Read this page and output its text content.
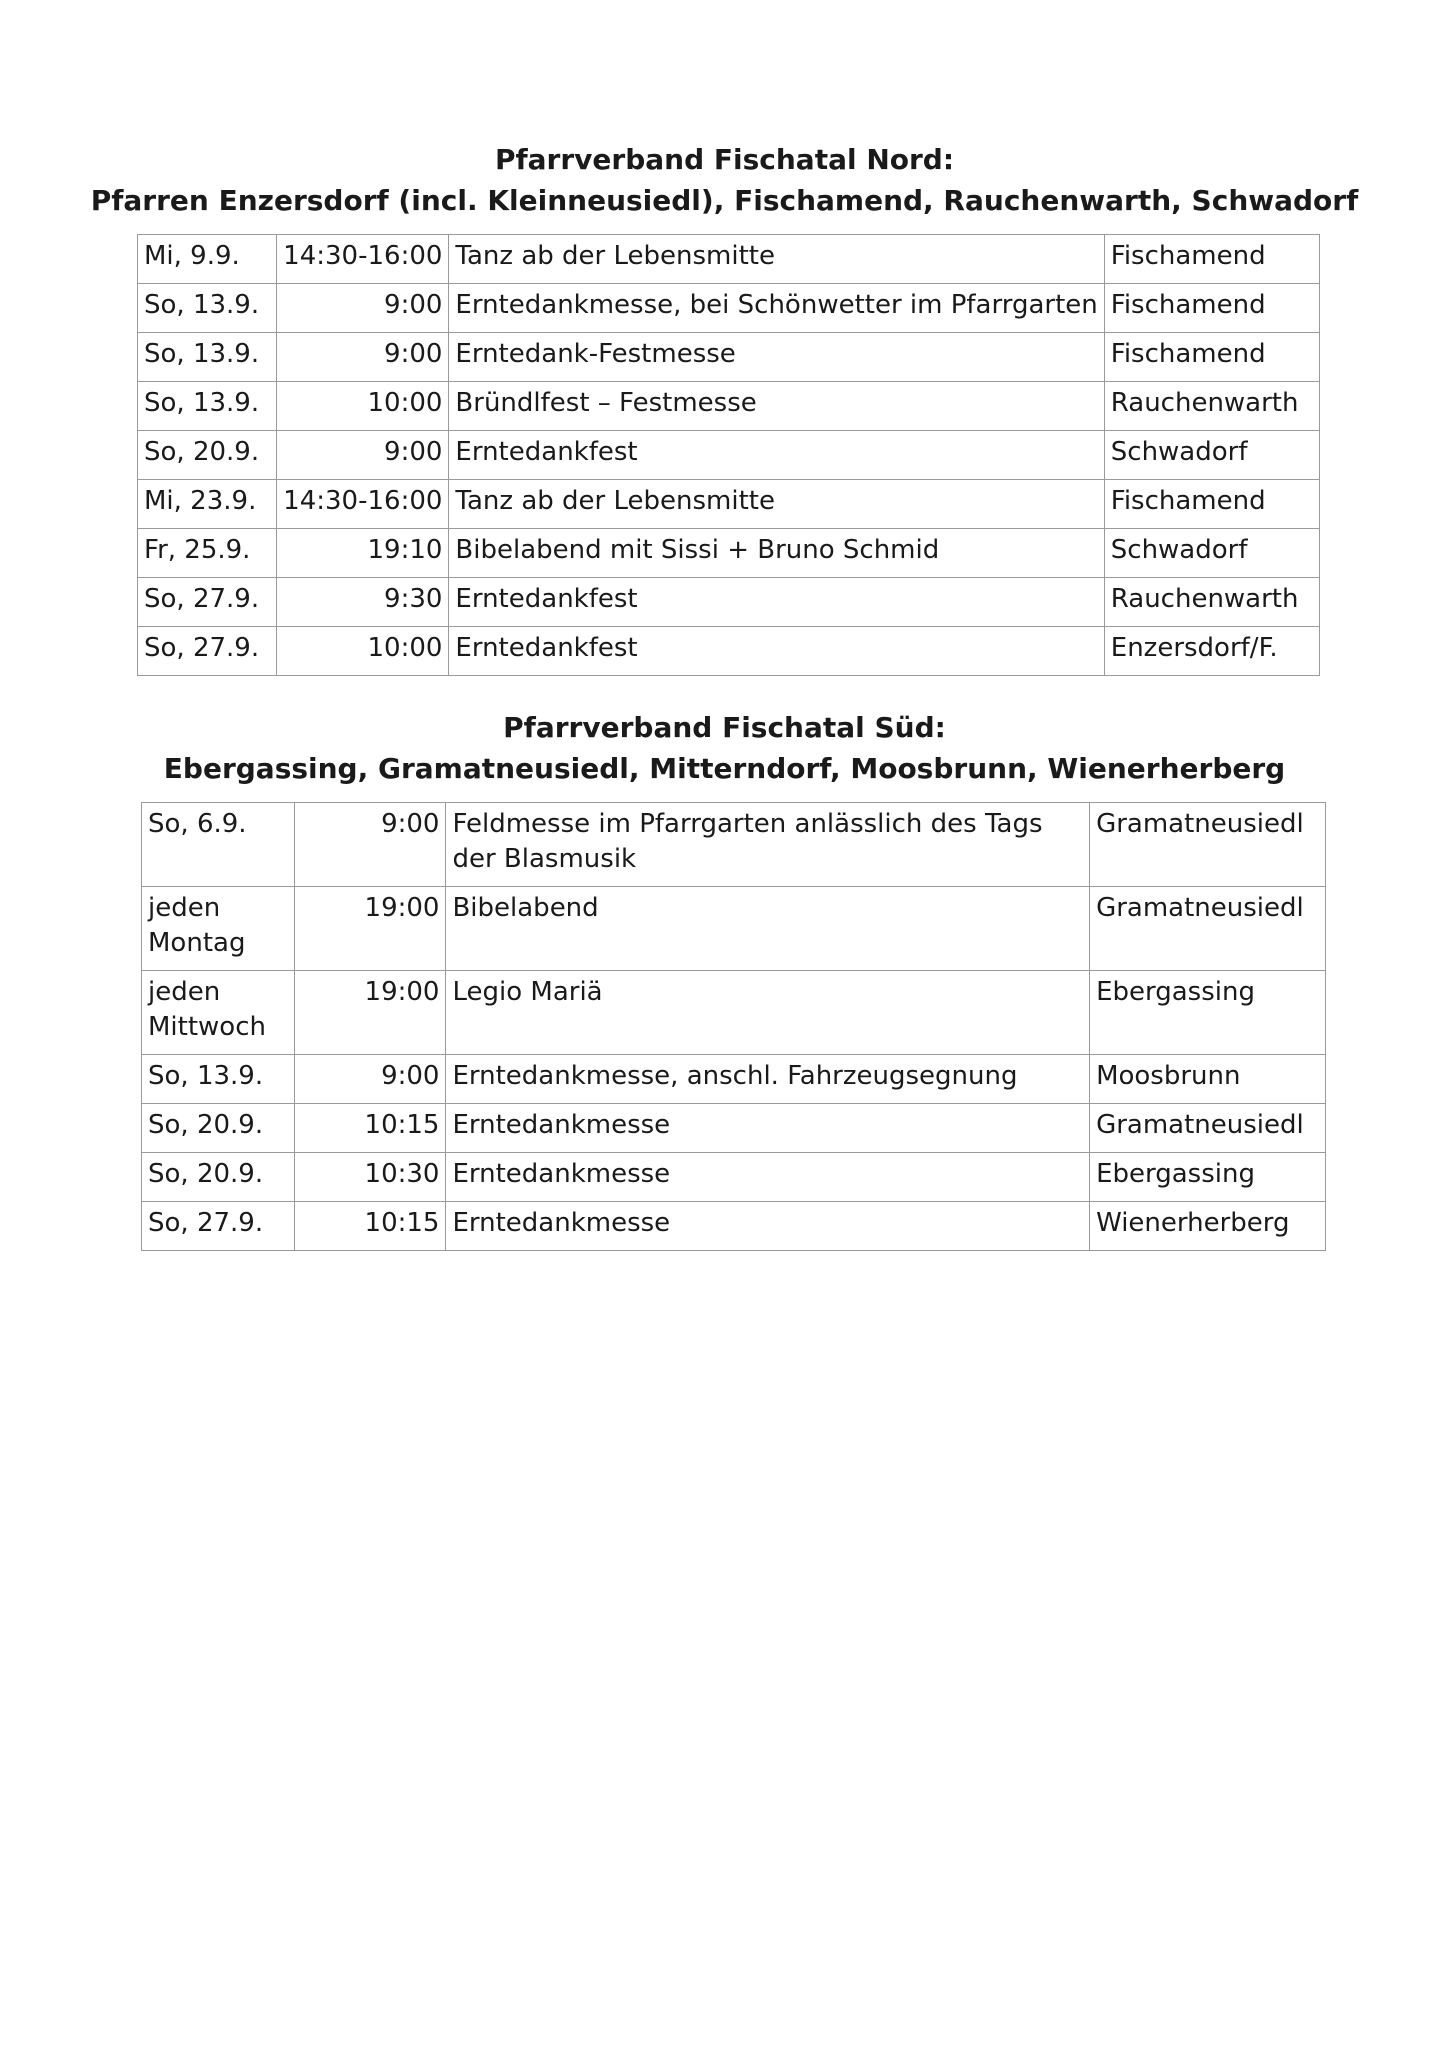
Pfarrverband Fischatal Nord:
Pfarren Enzersdorf (incl. Kleinneusiedl), Fischamend, Rauchenwarth, Schwadorf
Mi, 9.9.	14:30-16:00	Tanz ab der Lebensmitte	Fischamend
So, 13.9.	9:00	Erntedankmesse, bei Schönwetter im Pfarrgarten	Fischamend
So, 13.9.	9:00	Erntedank-Festmesse	Fischamend
So, 13.9.	10:00	Bründlfest – Festmesse	Rauchenwarth
So, 20.9.	9:00	Erntedankfest	Schwadorf
Mi, 23.9.	14:30-16:00	Tanz ab der Lebensmitte	Fischamend
Fr, 25.9.	19:10	Bibelabend mit Sissi + Bruno Schmid	Schwadorf
So, 27.9.	9:30	Erntedankfest	Rauchenwarth
So, 27.9.	10:00	Erntedankfest	Enzersdorf/F.
Pfarrverband Fischatal Süd:
Ebergassing, Gramatneusiedl, Mitterndorf, Moosbrunn, Wienerherberg
So, 6.9.	9:00	Feldmesse im Pfarrgarten anlässlich des Tags der Blasmusik	Gramatneusiedl
jeden Montag	19:00	Bibelabend	Gramatneusiedl
jeden Mittwoch	19:00	Legio Mariä	Ebergassing
So, 13.9.	9:00	Erntedankmesse, anschl. Fahrzeugsegnung	Moosbrunn
So, 20.9.	10:15	Erntedankmesse	Gramatneusiedl
So, 20.9.	10:30	Erntedankmesse	Ebergassing
So, 27.9.	10:15	Erntedankmesse	Wienerherberg
